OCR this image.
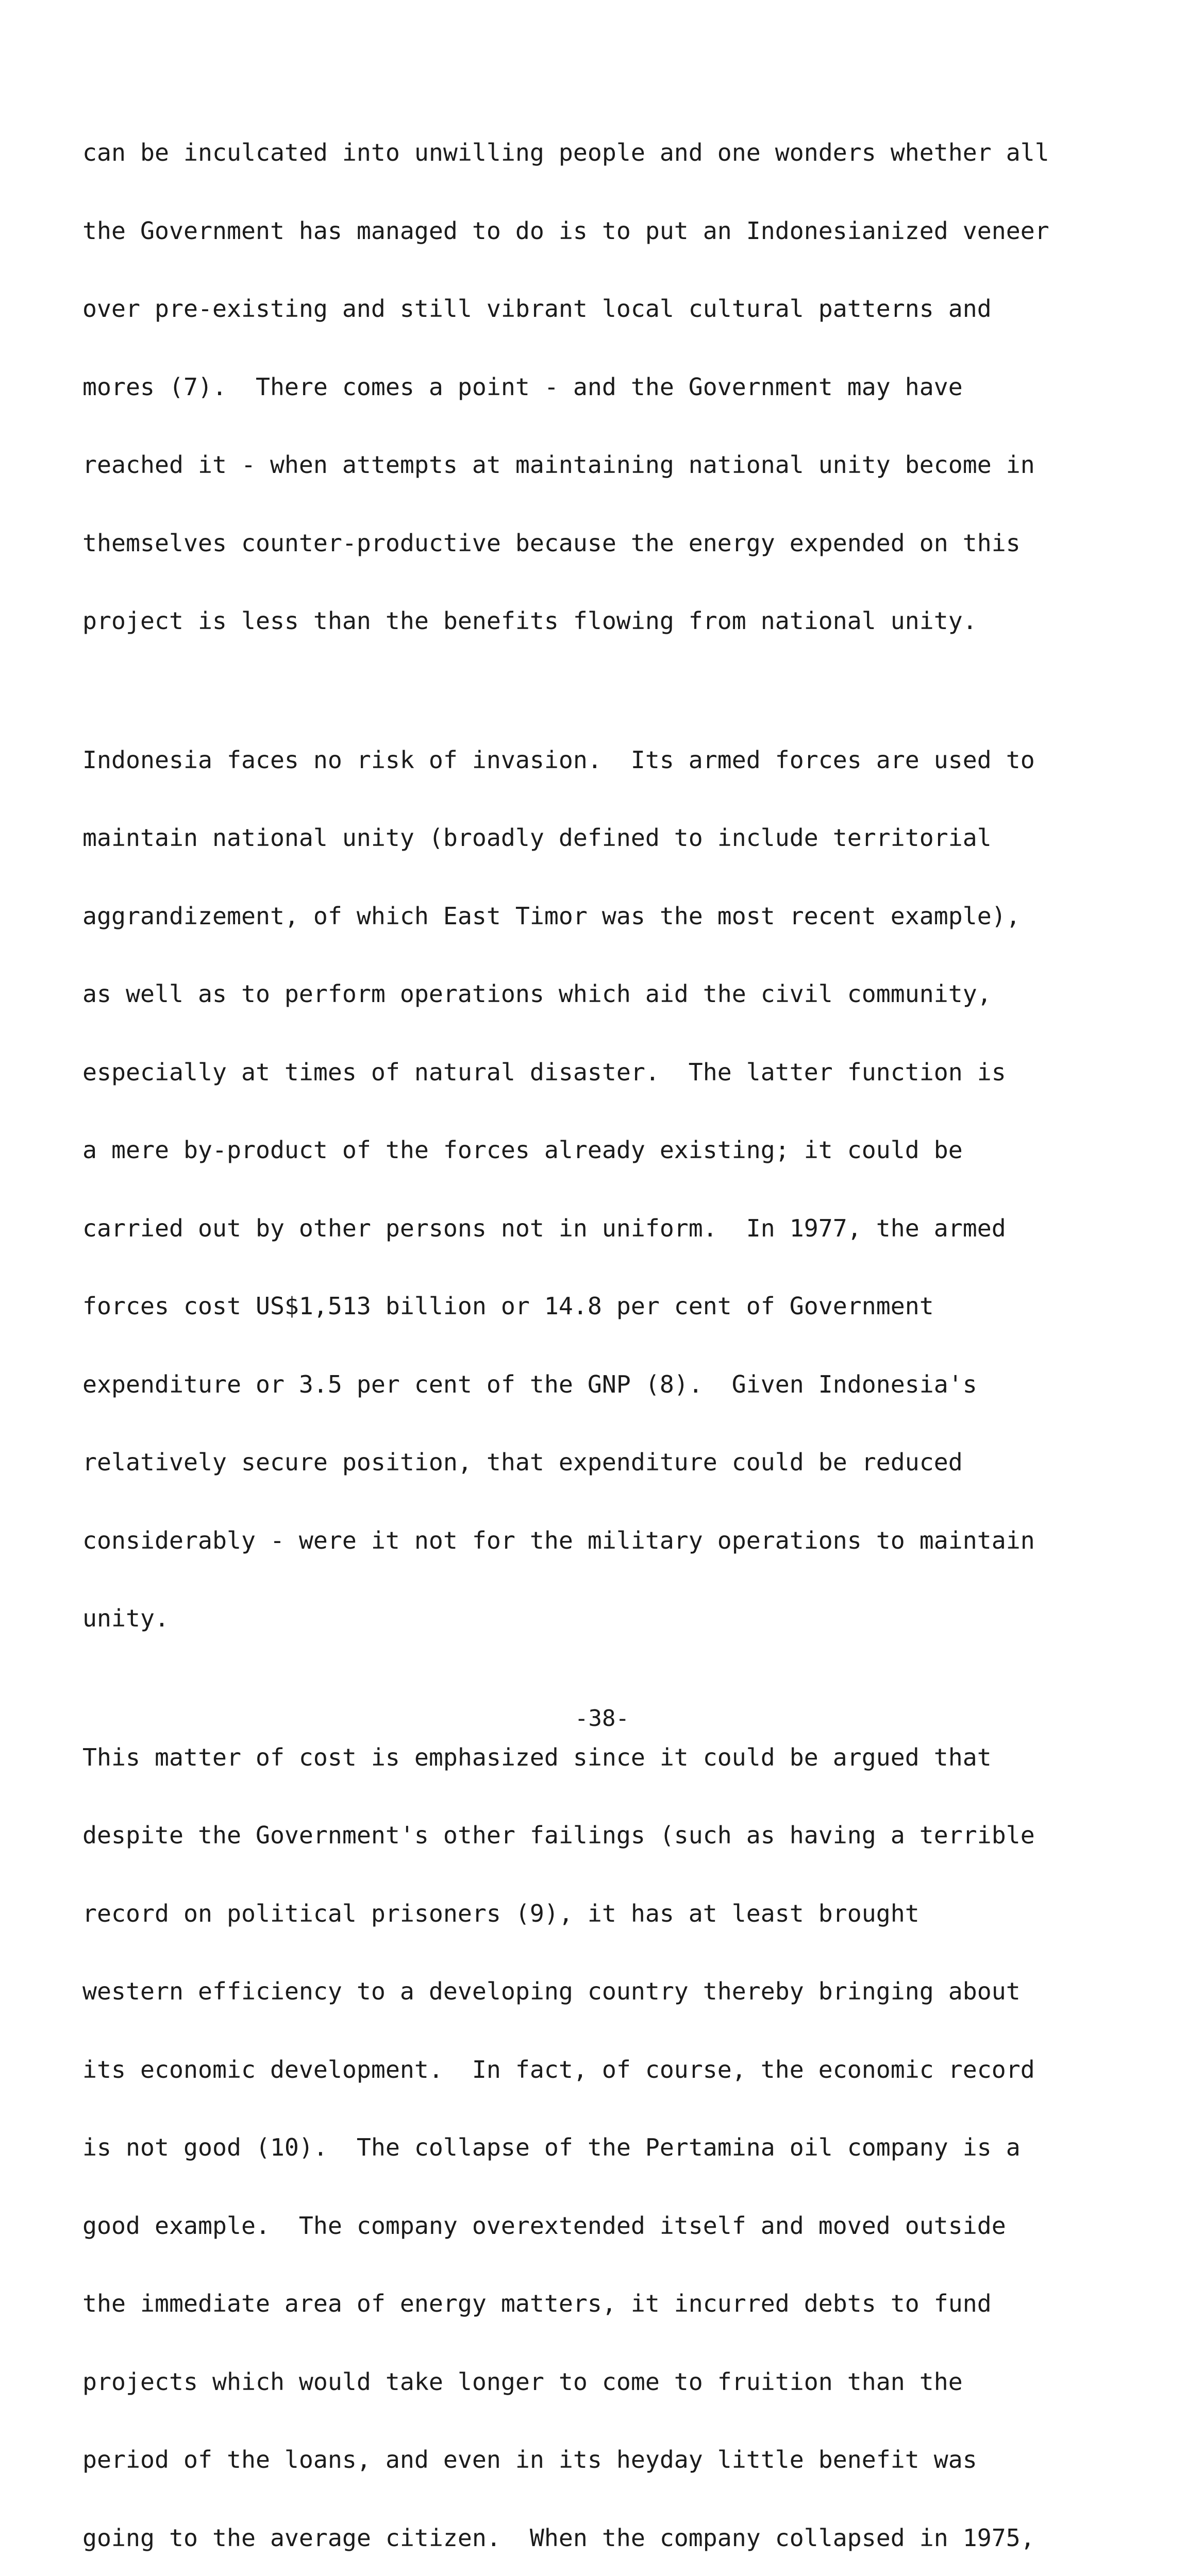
can be inculcated into unwilling people and one wonders whether all

the Government has managed to do is to put an Indonesianized veneer

over pre-existing and still vibrant local cultural patterns and

mores (7).  There comes a point - and the Government may have

reached it - when attempts at maintaining national unity become in

themselves counter-productive because the energy expended on this

project is less than the benefits flowing from national unity.

Indonesia faces no risk of invasion.  Its armed forces are used to

maintain national unity (broadly defined to include territorial

aggrandizement, of which East Timor was the most recent example),

as well as to perform operations which aid the civil community,

especially at times of natural disaster.  The latter function is

a mere by-product of the forces already existing; it could be

carried out by other persons not in uniform.  In 1977, the armed

forces cost US$1,513 billion or 14.8 per cent of Government

expenditure or 3.5 per cent of the GNP (8).  Given Indonesia's

relatively secure position, that expenditure could be reduced

considerably - were it not for the military operations to maintain

unity.

This matter of cost is emphasized since it could be argued that

despite the Government's other failings (such as having a terrible

record on political prisoners (9), it has at least brought

western efficiency to a developing country thereby bringing about

its economic development.  In fact, of course, the economic record

is not good (10).  The collapse of the Pertamina oil company is a

good example.  The company overextended itself and moved outside

the immediate area of energy matters, it incurred debts to fund

projects which would take longer to come to fruition than the

period of the loans, and even in its heyday little benefit was

going to the average citizen.  When the company collapsed in 1975,

-38-
